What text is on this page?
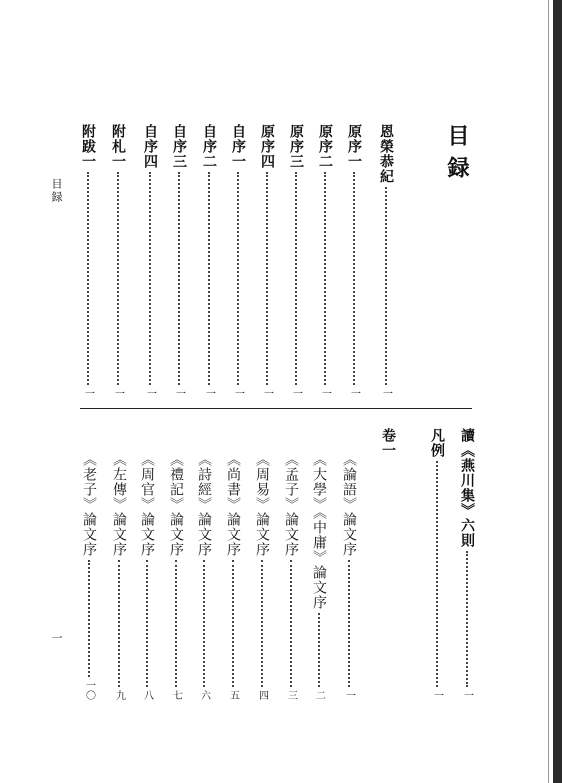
目録
目録
一
恩榮恭紀
一
原序一
一
原序二
一
原序三
一
原序四
一
自序一
一
自序二
一
自序三
一
自序四
一
附札一
一
附跋一
一
讀《燕川集》六則
一
凡例
一
卷一
《論語》論文序
一
《大學》《中庸》論文序
二
《孟子》論文序
三
《周易》論文序
四
《尚書》論文序
五
《詩經》論文序
六
《禮記》論文序
七
《周官》論文序
八
《左傳》論文序
九
《老子》論文序
一〇
